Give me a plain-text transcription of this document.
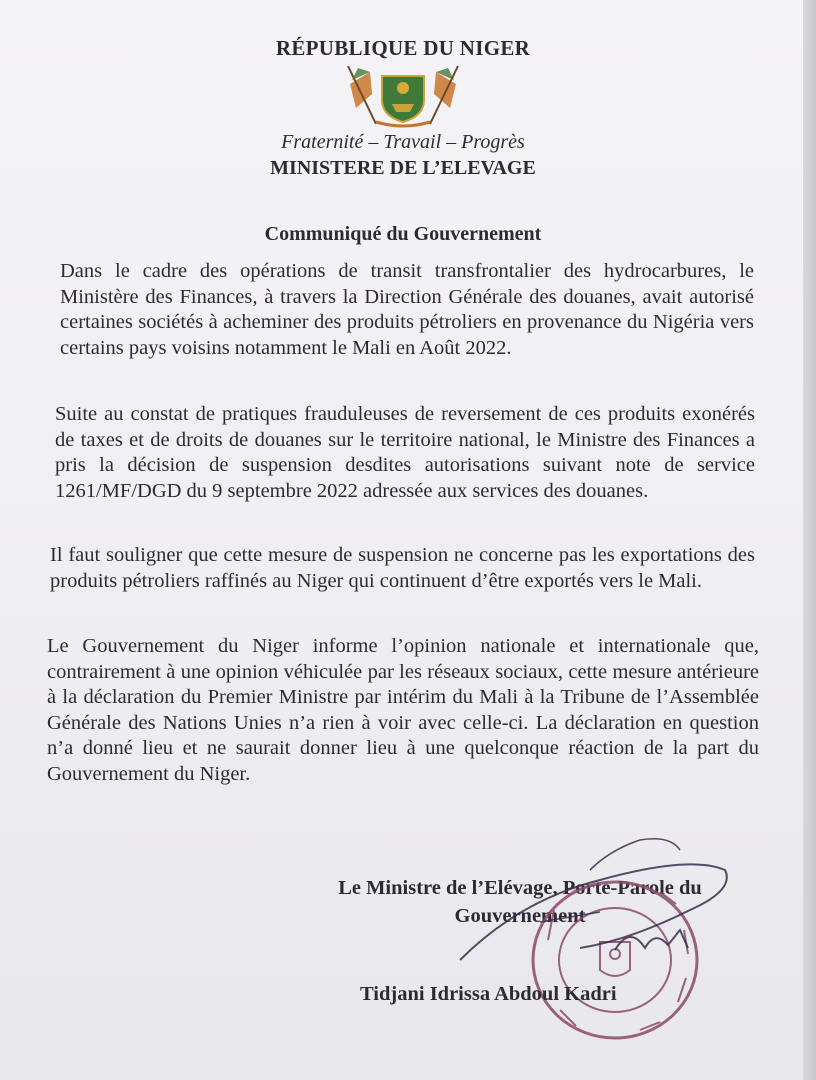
RÉPUBLIQUE DU NIGER
Fraternité – Travail – Progrès
MINISTERE DE L’ELEVAGE
Communiqué du Gouvernement

Dans le cadre des opérations de transit transfrontalier des hydrocarbures, le Ministère des Finances, à travers la Direction Générale des douanes, avait autorisé certaines sociétés à acheminer des produits pétroliers en provenance du Nigéria vers certains pays voisins notamment le Mali en Août 2022.

Suite au constat de pratiques frauduleuses de reversement de ces produits exonérés de taxes et de droits de douanes sur le territoire national, le Ministre des Finances a pris la décision de suspension desdites autorisations suivant note de service 1261/MF/DGD du 9 septembre 2022 adressée aux services des douanes.

Il faut souligner que cette mesure de suspension ne concerne pas les exportations des produits pétroliers raffinés au Niger qui continuent d’être exportés vers le Mali.

Le Gouvernement du Niger informe l’opinion nationale et internationale que, contrairement à une opinion véhiculée par les réseaux sociaux, cette mesure antérieure à la déclaration du Premier Ministre par intérim du Mali à la Tribune de l’Assemblée Générale des Nations Unies n’a rien à voir avec celle-ci. La déclaration en question n’a donné lieu et ne saurait donner lieu à une quelconque réaction de la part du Gouvernement du Niger.

Le Ministre de l’Elévage, Porte-Parole du Gouvernement
Tidjani Idrissa Abdoul Kadri
